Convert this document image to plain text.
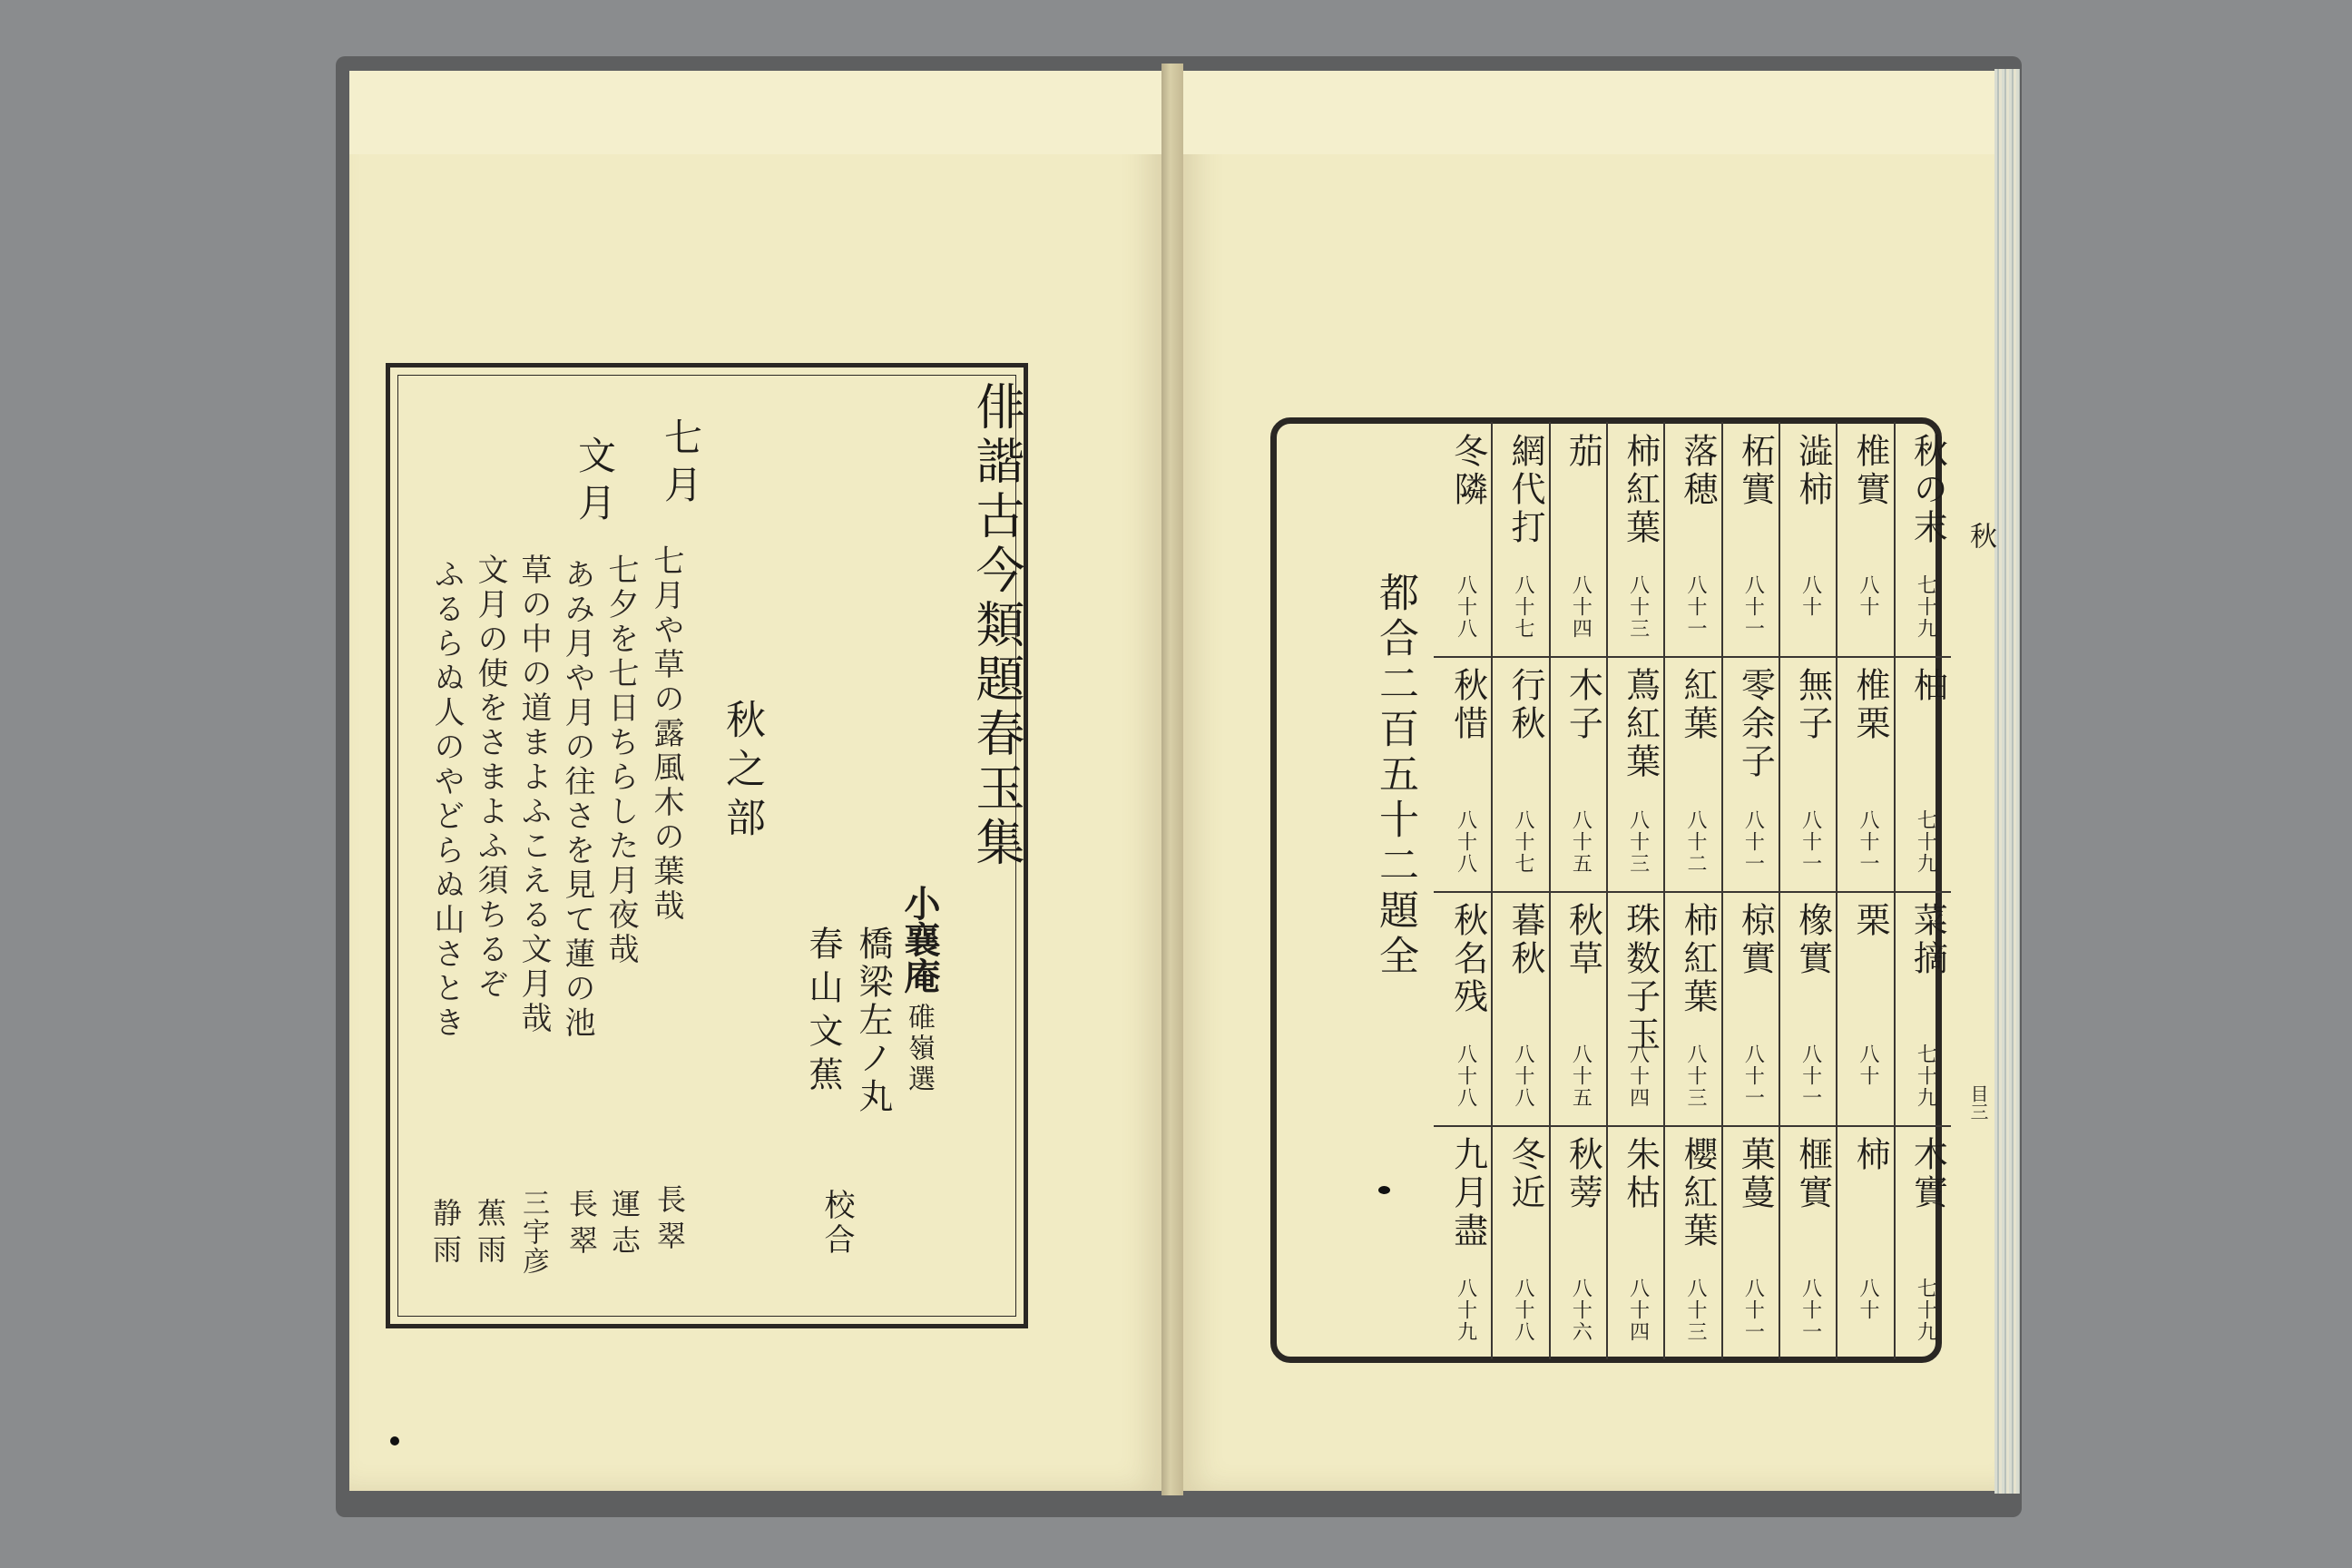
俳諧古今類題春玉集
小襄庵
碓嶺選
橋梁左ノ丸
春山文蕉
校合
秋之部
七月
文月
七月や草の露風木の葉哉
七夕を七日ちらした月夜哉
あみ月や月の往さを見て蓮の池
草の中の道まよふこえる文月哉
文月の使をさまよふ須ちるぞ
ふるらぬ人のやどらぬ山さとき
長翠
運志
長翠
三宇彦
蕉雨
静雨
秋
目三
都合二百五十二題全
秋の末
七十九
柚
七十九
菜摘
七十九
木實
七十九
椎實
八十
椎栗
八十一
栗
八十
柿
八十
澁柿
八十
無子
八十一
橡實
八十一
榧實
八十一
柘實
八十一
零余子
八十一
椋實
八十一
菓蔓
八十一
落穂
八十一
紅葉
八十二
柿紅葉
八十三
櫻紅葉
八十三
柿紅葉
八十三
蔦紅葉
八十三
珠数子玉
八十四
朱枯
八十四
茄
八十四
木子
八十五
秋草
八十五
秋蒡
八十六
網代打
八十七
行秋
八十七
暮秋
八十八
冬近
八十八
冬隣
八十八
秋惜
八十八
秋名残
八十八
九月盡
八十九
